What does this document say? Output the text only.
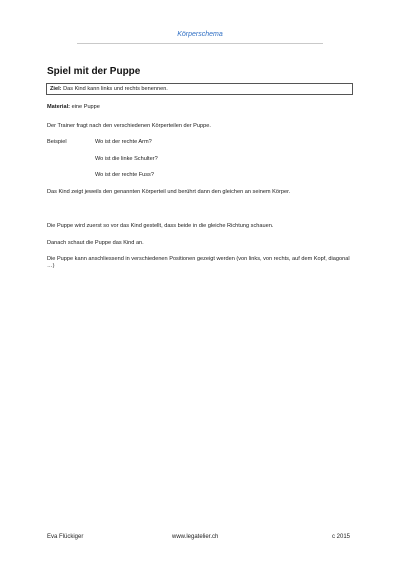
Körperschema
Spiel mit der Puppe
Ziel: Das Kind kann links und rechts benennen.
Material: eine Puppe
Der Trainer fragt nach den verschiedenen Körperteilen der Puppe.
Beispiel	Wo ist der rechte Arm?
Wo ist die linke Schulter?
Wo ist der rechte Fuss?
Das Kind zeigt jeweils den genannten Körperteil und berührt dann den gleichen an seinem Körper.
Die Puppe wird zuerst so vor das Kind gestellt, dass beide in die gleiche Richtung schauen.
Danach schaut die Puppe das Kind an.
Die Puppe kann anschliessend in verschiedenen Positionen gezeigt werden (von links, von rechts, auf dem Kopf, diagonal …)
Eva Flückiger	www.legatelier.ch	c 2015
